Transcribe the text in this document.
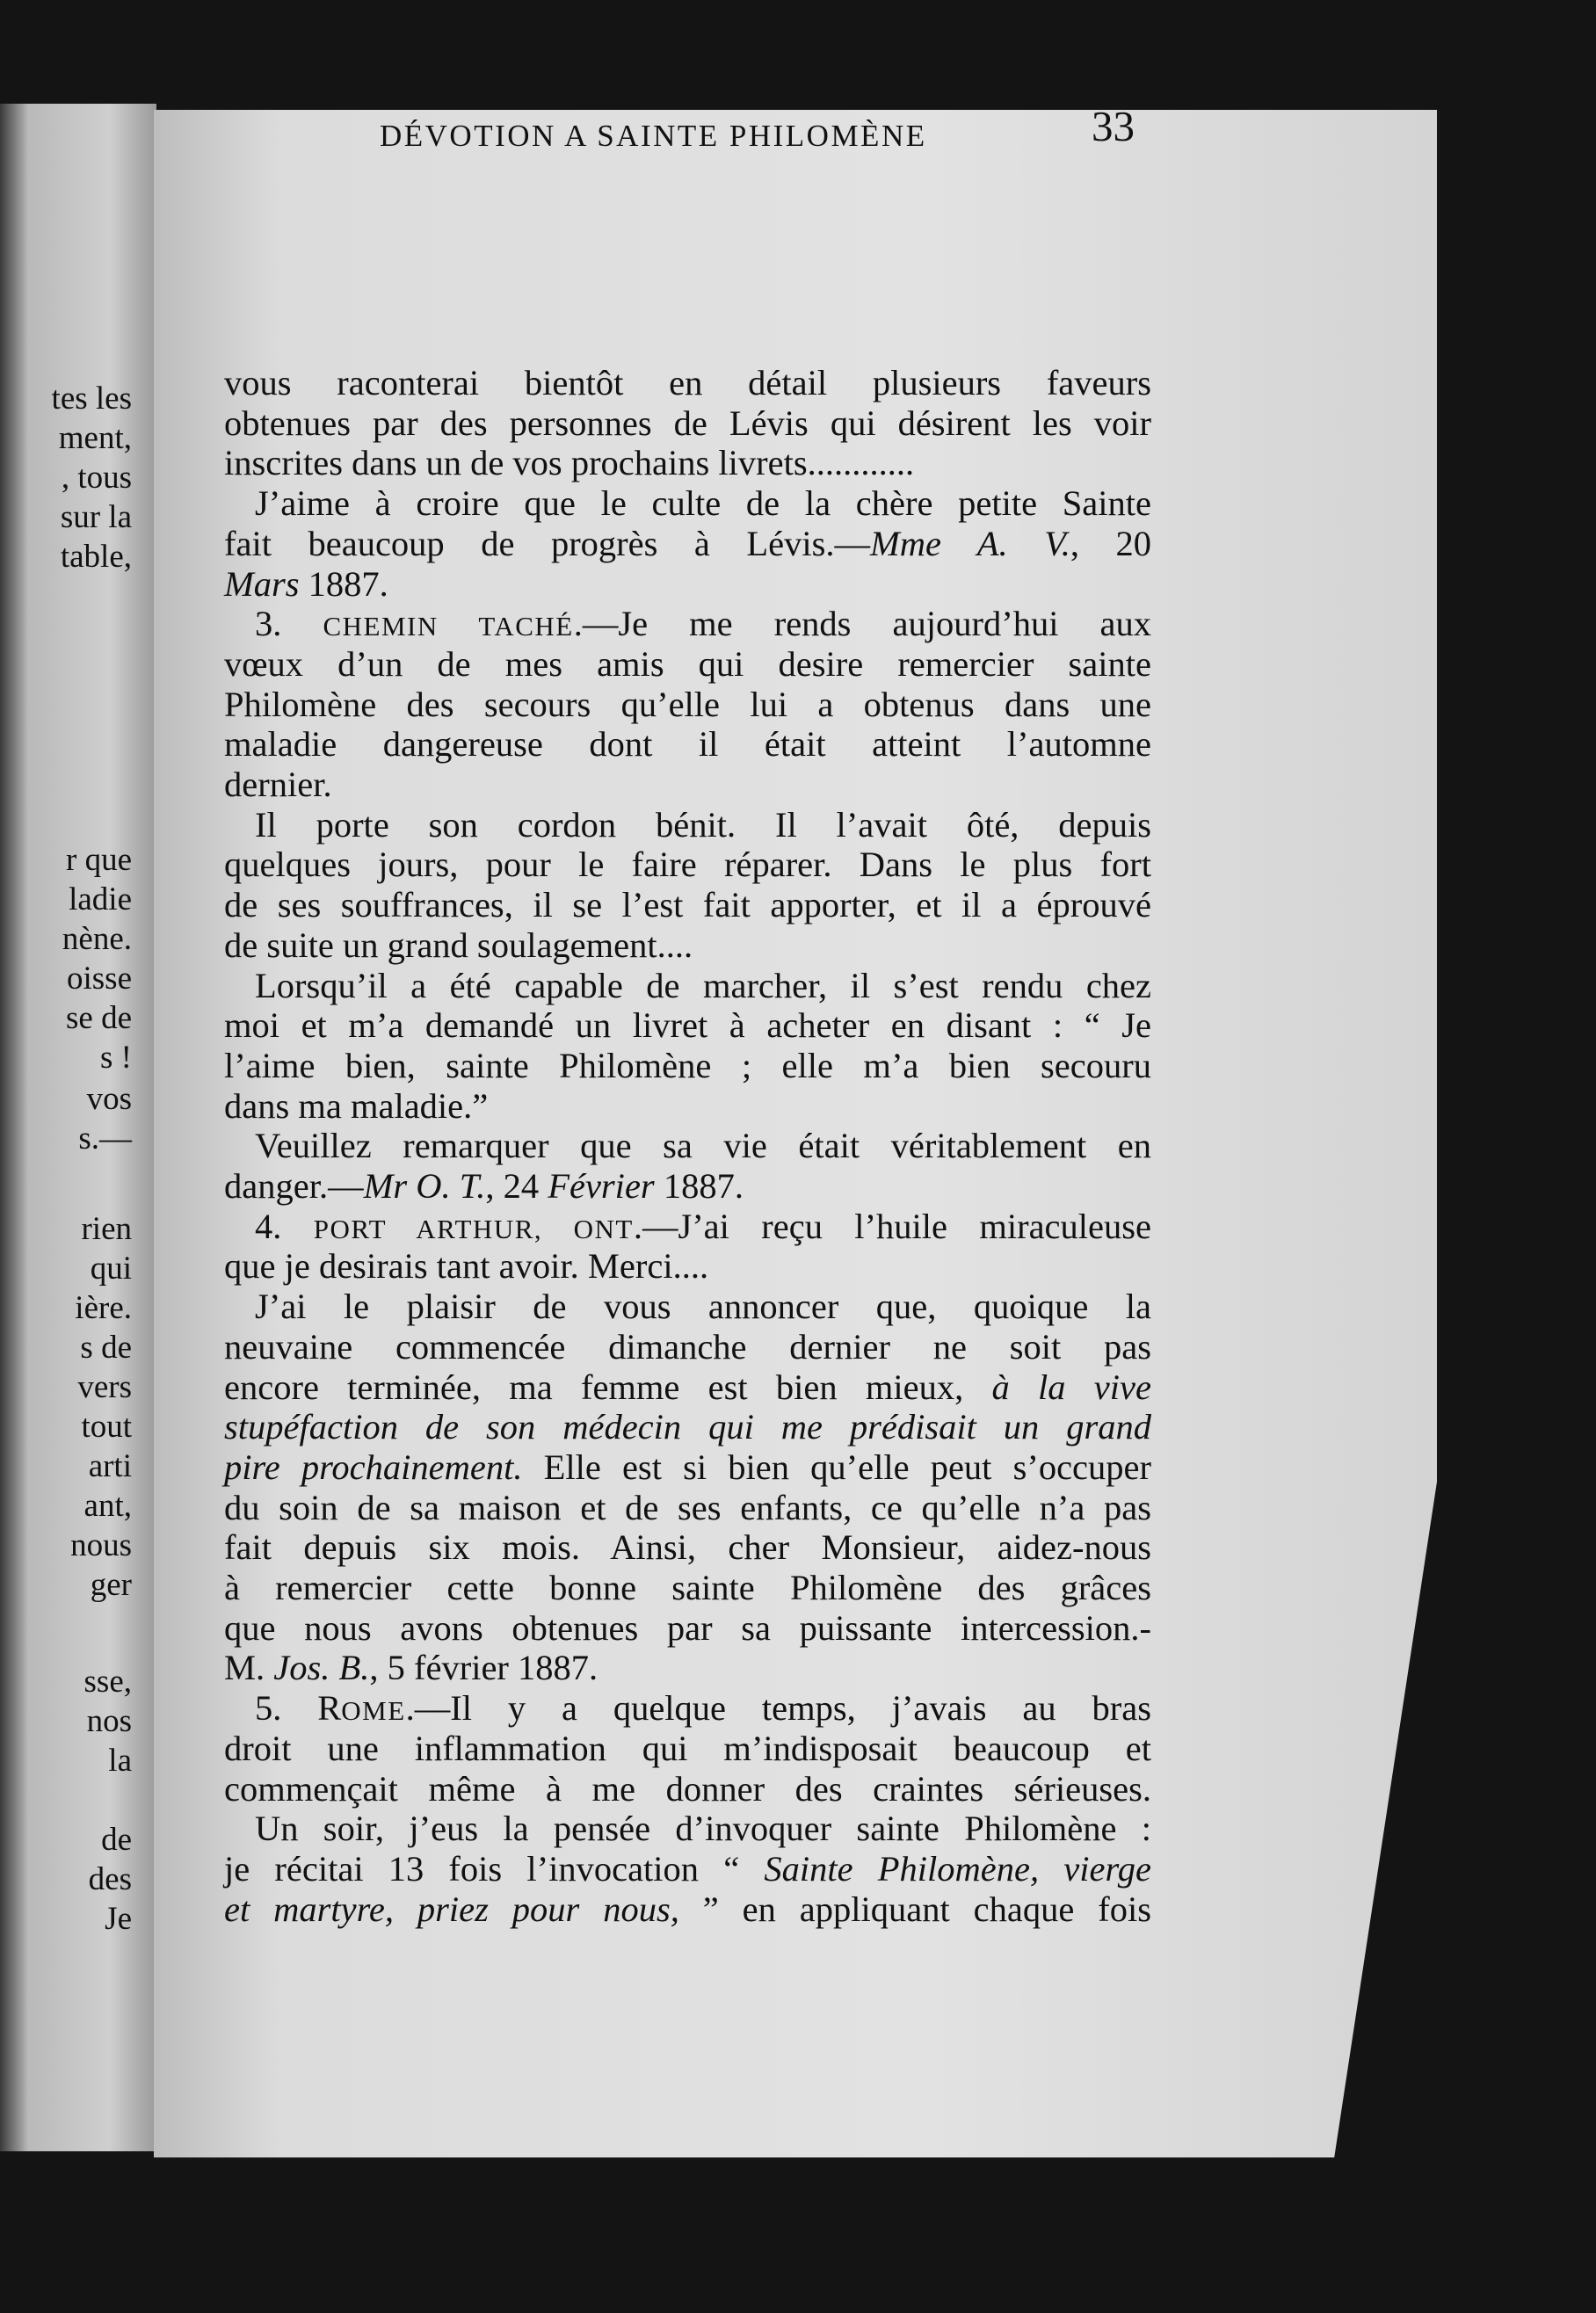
tes les
ment,
, tous
sur la
table,
r que
ladie
nène.
oisse
se de
s !
vos
s.—
rien
qui
ière.
s de
vers
tout
arti
ant,
nous
ger
sse,
nos
la
de
des
Je
DÉVOTION A SAINTE PHILOMÈNE	33
vous raconterai bientôt en détail plusieurs faveurs
obtenues par des personnes de Lévis qui désirent les voir
inscrites dans un de vos prochains livrets............
J’aime à croire que le culte de la chère petite Sainte
fait beaucoup de progrès à Lévis.—Mme A. V., 20
Mars 1887.
3. CHEMIN TACHÉ.—Je me rends aujourd’hui aux
vœux d’un de mes amis qui desire remercier sainte
Philomène des secours qu’elle lui a obtenus dans une
maladie dangereuse dont il était atteint l’automne
dernier.
Il porte son cordon bénit. Il l’avait ôté, depuis
quelques jours, pour le faire réparer. Dans le plus fort
de ses souffrances, il se l’est fait apporter, et il a éprouvé
de suite un grand soulagement....
Lorsqu’il a été capable de marcher, il s’est rendu chez
moi et m’a demandé un livret à acheter en disant : “ Je
l’aime bien, sainte Philomène ; elle m’a bien secouru
dans ma maladie.”
Veuillez remarquer que sa vie était véritablement en
danger.—Mr O. T., 24 Février 1887.
4. PORT ARTHUR, ONT.—J’ai reçu l’huile miraculeuse
que je desirais tant avoir. Merci....
J’ai le plaisir de vous annoncer que, quoique la
neuvaine commencée dimanche dernier ne soit pas
encore terminée, ma femme est bien mieux, à la vive
stupéfaction de son médecin qui me prédisait un grand
pire prochainement. Elle est si bien qu’elle peut s’occuper
du soin de sa maison et de ses enfants, ce qu’elle n’a pas
fait depuis six mois. Ainsi, cher Monsieur, aidez-nous
à remercier cette bonne sainte Philomène des grâces
que nous avons obtenues par sa puissante intercession.-
M. Jos. B., 5 février 1887.
5. ROME.—Il y a quelque temps, j’avais au bras
droit une inflammation qui m’indisposait beaucoup et
commençait même à me donner des craintes sérieuses.
Un soir, j’eus la pensée d’invoquer sainte Philomène :
je récitai 13 fois l’invocation “ Sainte Philomène, vierge
et martyre, priez pour nous, ” en appliquant chaque fois
